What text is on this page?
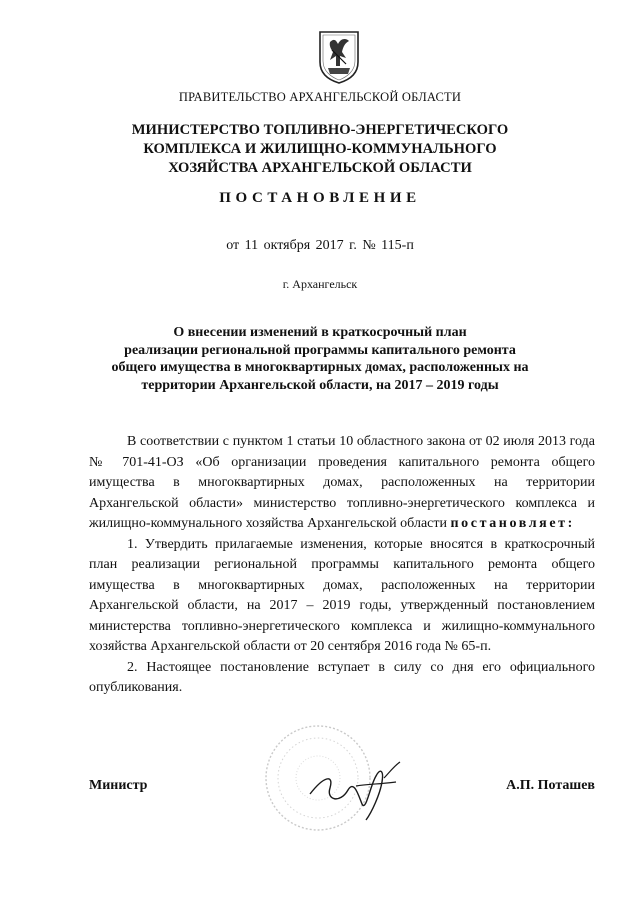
ПРАВИТЕЛЬСТВО АРХАНГЕЛЬСКОЙ ОБЛАСТИ
МИНИСТЕРСТВО ТОПЛИВНО-ЭНЕРГЕТИЧЕСКОГО
КОМПЛЕКСА И ЖИЛИЩНО-КОММУНАЛЬНОГО
ХОЗЯЙСТВА АРХАНГЕЛЬСКОЙ ОБЛАСТИ
ПОСТАНОВЛЕНИЕ
от 11 октября 2017 г. № 115-п
г. Архангельск
О внесении изменений в краткосрочный план
реализации региональной программы капитального ремонта
общего имущества в многоквартирных домах, расположенных на
территории Архангельской области, на 2017 – 2019 годы

В соответствии с пунктом 1 статьи 10 областного закона от 02 июля 2013 года № 701-41-ОЗ «Об организации проведения капитального ремонта общего имущества в многоквартирных домах, расположенных на территории Архангельской области» министерство топливно-энергетического комплекса и жилищно-коммунального хозяйства Архангельской области постановляет:

1. Утвердить прилагаемые изменения, которые вносятся в краткосрочный план реализации региональной программы капитального ремонта общего имущества в многоквартирных домах, расположенных на территории Архангельской области, на 2017 – 2019 годы, утвержденный постановлением министерства топливно-энергетического комплекса и жилищно-коммунального хозяйства Архангельской области от 20 сентября 2016 года № 65-п.

2. Настоящее постановление вступает в силу со дня его официального опубликования.

Министр	А.П. Поташев
